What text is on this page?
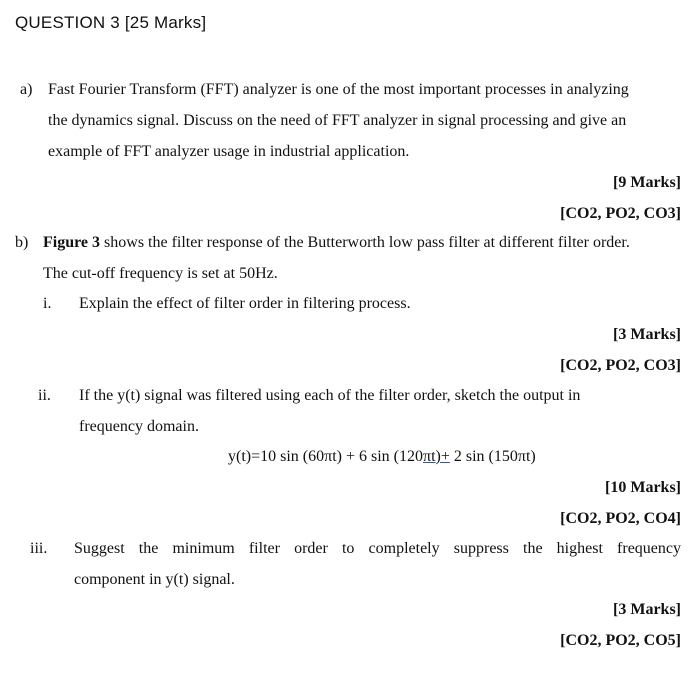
QUESTION 3 [25 Marks]
a) Fast Fourier Transform (FFT) analyzer is one of the most important processes in analyzing
the dynamics signal. Discuss on the need of FFT analyzer in signal processing and give an
example of FFT analyzer usage in industrial application.
[9 Marks]
[CO2, PO2, CO3]
b) Figure 3 shows the filter response of the Butterworth low pass filter at different filter order.
The cut-off frequency is set at 50Hz.
i. Explain the effect of filter order in filtering process.
[3 Marks]
[CO2, PO2, CO3]
ii. If the y(t) signal was filtered using each of the filter order, sketch the output in
frequency domain.
y(t)=10 sin (60πt) + 6 sin (120πt)+ 2 sin (150πt)
[10 Marks]
[CO2, PO2, CO4]
iii. Suggest the minimum filter order to completely suppress the highest frequency
component in y(t) signal.
[3 Marks]
[CO2, PO2, CO5]
